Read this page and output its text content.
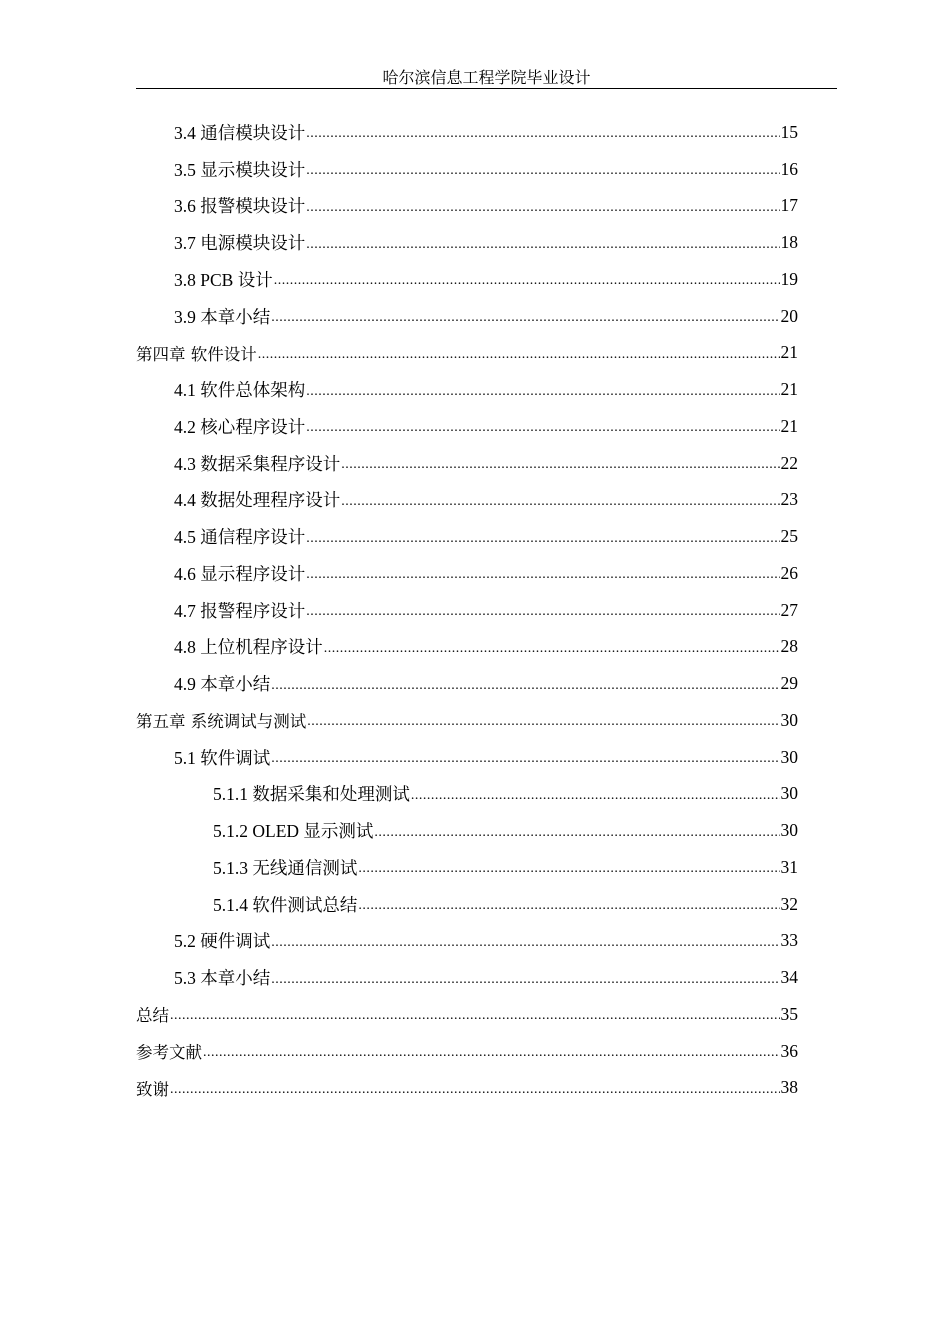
哈尔滨信息工程学院毕业设计
3.4 通信模块设计 .....	15
3.5 显示模块设计 .....	16
3.6 报警模块设计 .....	17
3.7 电源模块设计 .....	18
3.8 PCB 设计 .....	19
3.9 本章小结 .....	20
第四章 软件设计 .....	21
4.1 软件总体架构 .....	21
4.2 核心程序设计 .....	21
4.3 数据采集程序设计 .....	22
4.4 数据处理程序设计 .....	23
4.5 通信程序设计 .....	25
4.6 显示程序设计 .....	26
4.7 报警程序设计 .....	27
4.8 上位机程序设计 .....	28
4.9 本章小结 .....	29
第五章 系统调试与测试 .....	30
5.1 软件调试 .....	30
5.1.1 数据采集和处理测试 .....	30
5.1.2 OLED 显示测试 .....	30
5.1.3 无线通信测试 .....	31
5.1.4 软件测试总结 .....	32
5.2 硬件调试 .....	33
5.3 本章小结 .....	34
总结 .....	35
参考文献 .....	36
致谢 .....	38
